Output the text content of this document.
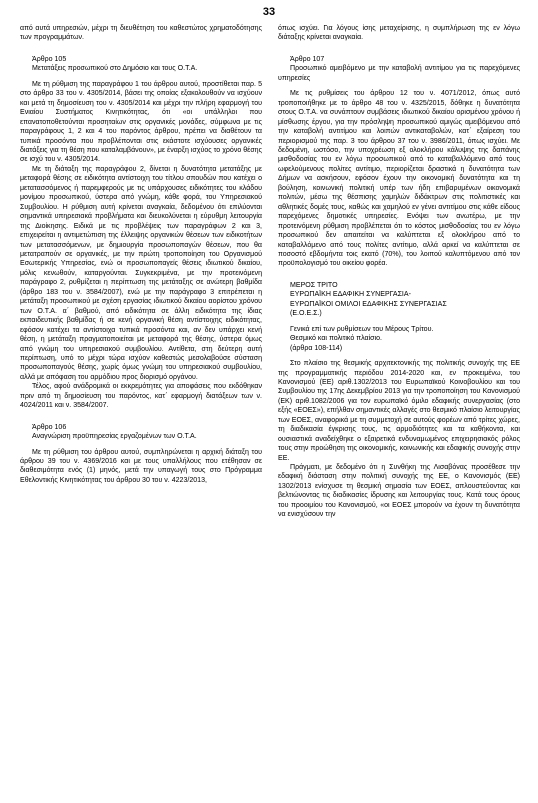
33

από αυτά υπηρεσιών, μέχρι τη διευθέτηση του καθεστώτος χρηματοδότησης των προγραμμάτων.

Άρθρο 105

Μετατάξεις προσωπικού στο Δημόσιο και τους Ο.Τ.Α.

Με τη ρύθμιση της παραγράφου 1 του άρθρου αυτού, προστίθεται παρ. 5 στο άρθρο 33 του ν. 4305/2014, βάσει της οποίας εξακολουθούν να ισχύουν και μετά τη δημοσίευση του ν. 4305/2014 και μέχρι την πλήρη εφαρμογή του Ενιαίου Συστήματος Κινητικότητας, ότι «οι υπάλληλοι που επανατοποθετούνται προσηταίων στις οργανικές μονάδες, σύμφωνα με τις παραγράφους 1, 2 και 4 του παρόντος άρθρου, πρέπει να διαθέτουν τα τυπικά προσόντα που προβλέπονται στις εκάστοτε ισχύουσες οργανικές διατάξεις για τη θέση που καταλαμβάνουν», με έναρξη ισχύος το χρόνο θέσης σε ισχύ του ν. 4305/2014.

Με τη διάταξη της παραγράφου 2, δίνεται η δυνατότητα μετατάξης με μεταφορά θέσης σε ειδικότητα αντίστοιχη του τίτλου σπουδών που κατέχει ο μετατασσόμενος ή παρεμφερούς με τις υπάρχουσες ειδικότητες του κλάδου μονίμου προσωπικού, ύστερα από γνώμη, κάθε φορά, του Υπηρεσιακού Συμβουλίου. Η ρύθμιση αυτή κρίνεται αναγκαία, δεδομένου ότι επιλύονται σημαντικά υπηρεσιακά προβλήματα και διευκολύνεται η εύρυθμη λειτουργία της Διοίκησης. Ειδικά με τις προβλέψεις των παραγράφων 2 και 3, επιχειρείται η αντιμετώπιση της έλλειψης οργανικών θέσεων των ειδικοτήτων των μετατασσόμενων, με δημιουργία προσωποπαγών θέσεων, που θα μετατραπούν σε οργανικές, με την πρώτη τροποποίηση του Οργανισμού Εσωτερικής Υπηρεσίας, ενώ οι προσωποπαγείς θέσεις ιδιωτικού δικαίου, μόλις κενωθούν, καταργούνται. Συγκεκριμένα, με την προτεινόμενη παράγραφο 2, ρυθμίζεται η περίπτωση της μετάταξης σε ανώτερη βαθμίδα (άρθρο 183 του ν. 3584/2007), ενώ με την παράγραφο 3 επιτρέπεται η μετάταξη προσωπικού με σχέση εργασίας ιδιωτικού δικαίου αορίστου χρόνου των Ο.Τ.Α. α΄ βαθμού, από ειδικότητα σε άλλη ειδικότητα της ίδιας εκπαιδευτικής βαθμίδας ή σε κενή οργανική θέση αντίστοιχης ειδικότητας, εφόσον κατέχει τα αντίστοιχα τυπικά προσόντα και, αν δεν υπάρχει κενή θέση, η μετάταξη πραγματοποιείται με μεταφορά της θέσης, ύστερα όμως από γνώμη του υπηρεσιακού συμβουλίου. Αντίθετα, στη δεύτερη αυτή περίπτωση, υπό το μέχρι τώρα ισχύον καθεστώς μεσολαβούσε σύσταση προσωποπαγούς θέσης, χωρίς όμως γνώμη του υπηρεσιακού συμβουλίου, αλλά με απόφαση του αρμόδιου προς διορισμό οργάνου.

Τέλος, αφού ανάδρομικά οι εκκρεμότητες για αποφάσεις που εκδόθηκαν πριν από τη δημοσίευση του παρόντος, κατ΄ εφαρμογή διατάξεων των ν. 4024/2011 και ν. 3584/2007.

Άρθρο 106

Αναγνώριση προϋπηρεσίας εργαζομένων των Ο.Τ.Α.

Με τη ρύθμιση του άρθρου αυτού, συμπληρώνεται η αρχική διάταξη του άρθρου 39 του ν. 4369/2016 και με τους υπαλλήλους που ετέθησαν σε διαθεσιμότητα ενός (1) μηνός, μετά την υπαγωγή τους στο Πρόγραμμα Εθελοντικής Κινητικότητας του άρθρου 30 του ν. 4223/2013,

όπως ισχύει. Για λόγους ίσης μεταχείρισης, η συμπλήρωση της εν λόγω διάταξης κρίνεται αναγκαία.

Άρθρο 107

Προσωπικό αμειβόμενο με την καταβολή αντιτίμου για τις παρεχόμενες υπηρεσίες

Με τις ρυθμίσεις του άρθρου 12 του ν. 4071/2012, όπως αυτό τροποποιήθηκε με το άρθρο 48 του ν. 4325/2015, δόθηκε η δυνατότητα στους Ο.Τ.Α. να συνάπτουν συμβάσεις ιδιωτικού δικαίου ορισμένου χρόνου ή μίσθωσης έργου, για την πρόσληψη προσωπικού αμιγώς αμειβόμενου από την καταβολή αντιτίμου και λοιπών αντικαταβολών, κατ΄ εξαίρεση του περιορισμού της παρ. 3 του άρθρου 37 του ν. 3986/2011, όπως ισχύει. Με δεδομένη, ωστόσο, την υποχρέωση εξ ολοκλήρου κάλυψης της δαπάνης μισθοδοσίας του εν λόγω προσωπικού από το καταβαλλόμενο από τους ωφελούμενους πολίτες αντίτιμο, περιορίζεται δραστικά η δυνατότητα των Δήμων να ασκήσουν, εφόσον έχουν την οικονομική δυνατότητα και τη βούληση, κοινωνική πολιτική υπέρ των ήδη επιβαρυμένων οικονομικά πολιτών, μέσω της θέσπισης χαμηλών διδάκτρων στις πολιτιστικές και αθλητικές δομές τους, καθώς και χαμηλού εν γένει αντιτίμου στις κάθε είδους παρεχόμενες δημοτικές υπηρεσίες. Ενόψει των ανωτέρω, με την προτεινόμενη ρύθμιση προβλέπεται ότι το κόστος μισθοδοσίας του εν λόγω προσωπικού δεν απαιτείται να καλύπτεται εξ ολοκλήρου από το καταβαλλόμενο από τους πολίτες αντίτιμο, αλλά αρκεί να καλύπτεται σε ποσοστό εβδομήντα τοις εκατό (70%), του λοιπού καλυπτόμενου από τον προϋπολογισμό του οικείου φορέα.

ΜΕΡΟΣ ΤΡΙΤΟ

ΕΥΡΩΠΑΪΚΗ ΕΔΑΦΙΚΗ ΣΥΝΕΡΓΑΣΙΑ-

ΕΥΡΩΠΑΪΚΟΙ ΟΜΙΛΟΙ ΕΔΑΦΙΚΗΣ ΣΥΝΕΡΓΑΣΙΑΣ

(Ε.Ο.Ε.Σ.)

Γενικά επί των ρυθμίσεων του Μέρους Τρίτου.

Θεσμικό και πολιτικό πλαίσιο.

(άρθρα 108-114)

Στο πλαίσιο της θεσμικής αρχιτεκτονικής της πολιτικής συνοχής της ΕΕ της προγραμματικής περιόδου 2014-2020 και, εν προκειμένω, του Κανονισμού (ΕΕ) αριθ.1302/2013 του Ευρωπαϊκού Κοινοβουλίου και του Συμβουλίου της 17ης Δεκεμβρίου 2013 για την τροποποίηση του Κανονισμού (ΕΚ) αριθ.1082/2006 για τον ευρωπαϊκό όμιλο εδαφικής συνεργασίας (στο εξής «ΕΟΕΣ»), επήλθαν σημαντικές αλλαγές στο θεσμικό πλαίσιο λειτουργίας των ΕΟΕΣ, αναφορικά με τη συμμετοχή σε αυτούς φορέων από τρίτες χώρες, τη διαδικασία έγκρισης τους, τις αρμοδιότητες και τα καθήκοντα, και ουσιαστικά αναδείχθηκε ο εξαιρετικά ενδυναμωμένος επιχειρησιακός ρόλος τους στην προώθηση της οικονομικής, κοινωνικής και εδαφικής συνοχής στην ΕΕ.

Πράγματι, με δεδομένο ότι η Συνθήκη της Λισαβόνας προσέθεσε την εδαφική διάσταση στην πολιτική συνοχής της ΕΕ, ο Κανονισμός (ΕΕ) 1302/2013 ενίσχυσε τη θεσμική σημασία των ΕΟΕΣ, απλουστεύοντας και βελτιώνοντας τις διαδικασίες ίδρυσης και λειτουργίας τους. Κατά τους όρους του προοιμίου του Κανονισμού, «οι ΕΟΕΣ μπορούν να έχουν τη δυνατότητα να ενισχύσουν την
